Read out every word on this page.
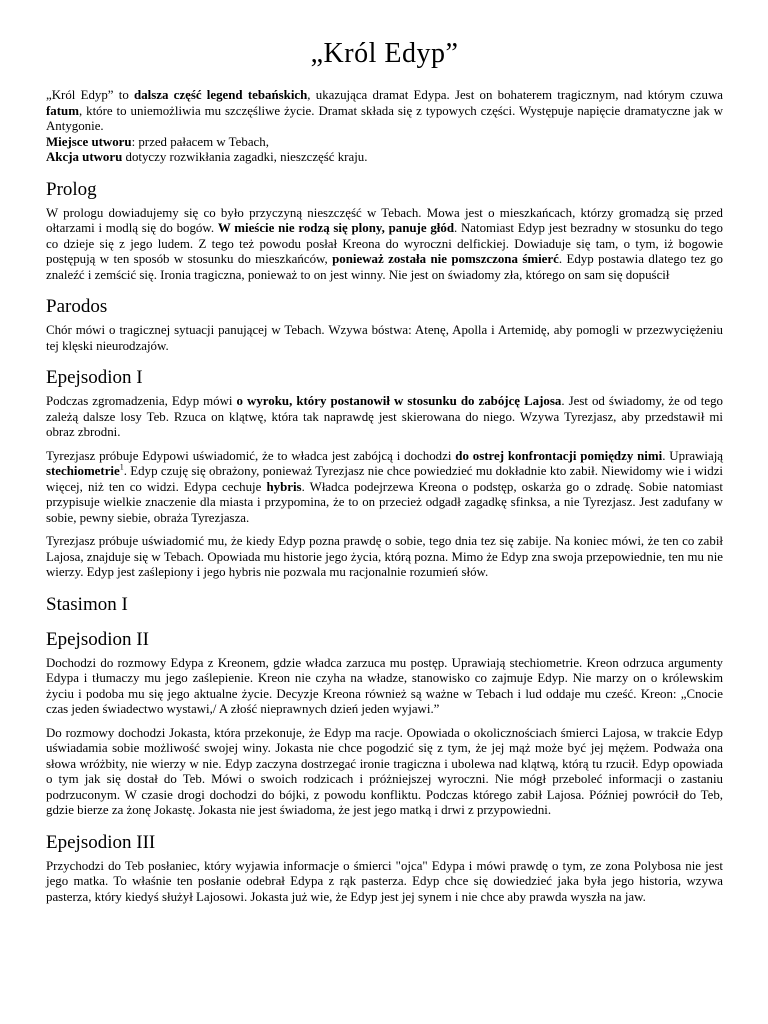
„Król Edyp”

„Król Edyp” to dalsza część legend tebańskich, ukazująca dramat Edypa. Jest on bohaterem tragicznym, nad którym czuwa fatum, które to uniemożliwia mu szczęśliwe życie. Dramat składa się z typowych części. Występuje napięcie dramatyczne jak w Antygonie.

Miejsce utworu: przed pałacem w Tebach,

Akcja utworu dotyczy rozwikłania zagadki, nieszczęść kraju.

Prolog

W prologu dowiadujemy się co było przyczyną nieszczęść w Tebach. Mowa jest o mieszkańcach, którzy gromadzą się przed ołtarzami i modlą się do bogów. W mieście nie rodzą się plony, panuje głód. Natomiast Edyp jest bezradny w stosunku do tego co dzieje się z jego ludem. Z tego też powodu posłał Kreona do wyroczni delfickiej. Dowiaduje się tam, o tym, iż bogowie postępują w ten sposób w stosunku do mieszkańców, ponieważ została nie pomszczona śmierć. Edyp postawia dlatego tez go znaleźć i zemścić się. Ironia tragiczna, ponieważ to on jest winny. Nie jest on świadomy zła, którego on sam się dopuścił

Parodos

Chór mówi o tragicznej sytuacji panującej w Tebach. Wzywa bóstwa: Atenę, Apolla i Artemidę, aby pomogli w przezwyciężeniu tej klęski nieurodzajów.

Epejsodion I

Podczas zgromadzenia, Edyp mówi o wyroku, który postanowił w stosunku do zabójcę Lajosa. Jest od świadomy, że od tego zależą dalsze losy Teb. Rzuca on klątwę, która tak naprawdę jest skierowana do niego. Wzywa Tyrezjasz, aby przedstawił mi obraz zbrodni.

Tyrezjasz próbuje Edypowi uświadomić, że to władca jest zabójcą i dochodzi do ostrej konfrontacji pomiędzy nimi. Uprawiają stechiometrie$^1$. Edyp czuję się obrażony, ponieważ Tyrezjasz nie chce powiedzieć mu dokładnie kto zabił. Niewidomy wie i widzi więcej, niż ten co widzi. Edypa cechuje hybris. Władca podejrzewa Kreona o podstęp, oskarża go o zdradę. Sobie natomiast przypisuje wielkie znaczenie dla miasta i przypomina, że to on przecież odgadł zagadkę sfinksa, a nie Tyrezjasz. Jest zadufany w sobie, pewny siebie, obraża Tyrezjasza.

Tyrezjasz próbuje uświadomić mu, że kiedy Edyp pozna prawdę o sobie, tego dnia tez się zabije. Na koniec mówi, że ten co zabił Lajosa, znajduje się w Tebach. Opowiada mu historie jego życia, którą pozna. Mimo że Edyp zna swoja przepowiednie, ten mu nie wierzy. Edyp jest zaślepiony i jego hybris nie pozwala mu racjonalnie rozumień słów.

Stasimon I
Epejsodion II

Dochodzi do rozmowy Edypa z Kreonem, gdzie władca zarzuca mu postęp. Uprawiają stechiometrie. Kreon odrzuca argumenty Edypa i tłumaczy mu jego zaślepienie. Kreon nie czyha na władze, stanowisko co zajmuje Edyp. Nie marzy on o królewskim życiu i podoba mu się jego aktualne życie. Decyzje Kreona również są ważne w Tebach i lud oddaje mu cześć. Kreon: „Cnocie czas jeden świadectwo wystawi,/ A złość nieprawnych dzień jeden wyjawi.”

Do rozmowy dochodzi Jokasta, która przekonuje, że Edyp ma racje. Opowiada o okolicznościach śmierci Lajosa, w trakcie Edyp uświadamia sobie możliwość swojej winy. Jokasta nie chce pogodzić się z tym, że jej mąż może być jej mężem. Podważa ona słowa wróżbity, nie wierzy w nie. Edyp zaczyna dostrzegać ironie tragiczna i ubolewa nad klątwą, którą tu rzucił. Edyp opowiada o tym jak się dostał do Teb. Mówi o swoich rodzicach i próżniejszej wyroczni. Nie mógł przeboleć informacji o zastaniu podrzuconym. W czasie drogi dochodzi do bójki, z powodu konfliktu. Podczas którego zabił Lajosa. Później powrócił do Teb, gdzie bierze za żonę Jokastę. Jokasta nie jest świadoma, że jest jego matką i drwi z przypowiedni.

Epejsodion III

Przychodzi do Teb posłaniec, który wyjawia informacje o śmierci "ojca" Edypa i mówi prawdę o tym, ze zona Polybosa nie jest jego matka. To właśnie ten posłanie odebrał Edypa z rąk pasterza. Edyp chce się dowiedzieć jaka była jego historia, wzywa pasterza, który kiedyś służył Lajosowi. Jokasta już wie, że Edyp jest jej synem i nie chce aby prawda wyszła na jaw.
